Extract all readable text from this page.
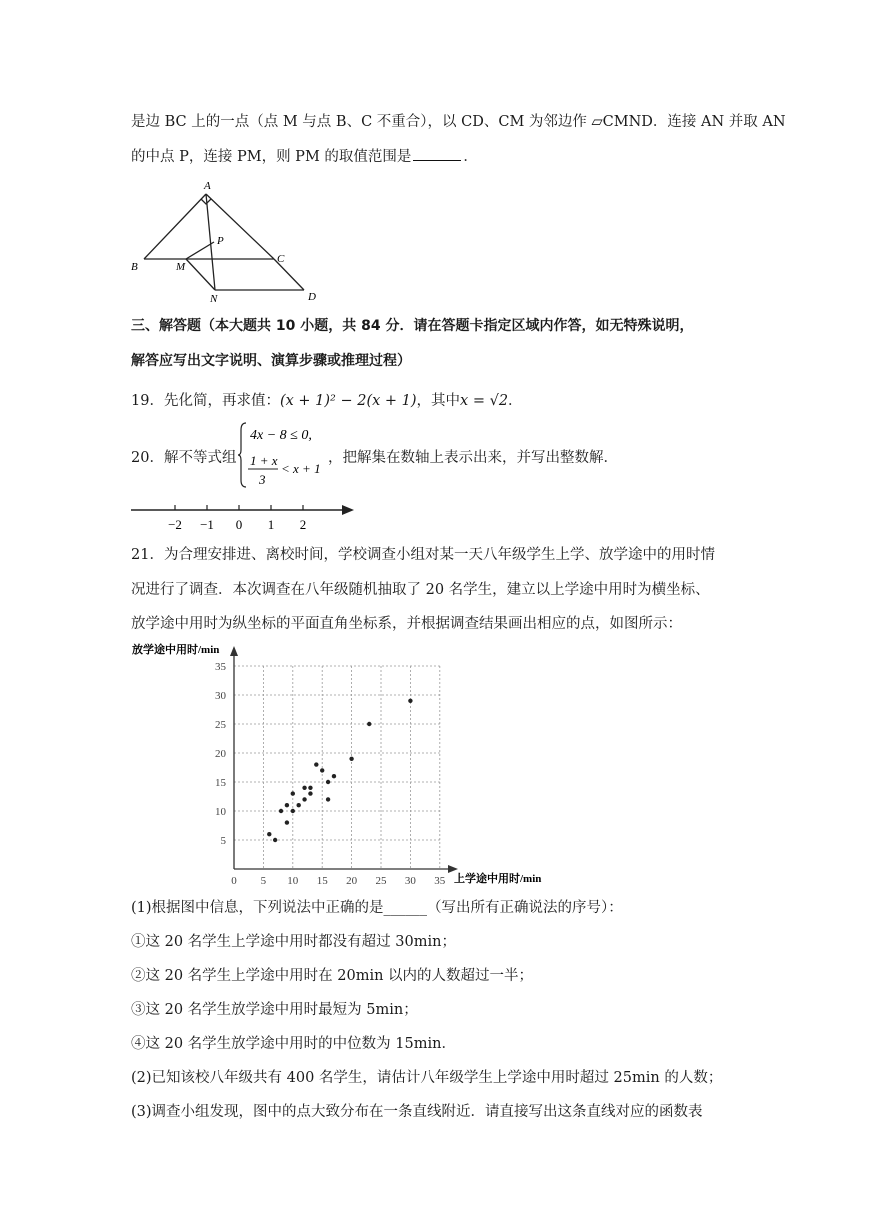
是边 BC 上的一点（点 M 与点 B、C 不重合），以 CD、CM 为邻边作 ▱CMND．连接 AN 并取 AN
的中点 P，连接 PM，则 PM 的取值范围是	．
A
B
C
D
M
N
P
三、解答题（本大题共 10 小题，共 84 分．请在答题卡指定区域内作答，如无特殊说明，
解答应写出文字说明、演算步骤或推理过程）
19．先化简，再求值：(x + 1)² − 2(x + 1)，其中x = √2．
20．解不等式组
4x − 8 ≤ 0,
1 + x
3
< x + 1
，把解集在数轴上表示出来，并写出整数解．
−2 −1 0 1 2
21．为合理安排进、离校时间，学校调查小组对某一天八年级学生上学、放学途中的用时情
况进行了调查．本次调查在八年级随机抽取了 20 名学生，建立以上学途中用时为横坐标、
放学途中用时为纵坐标的平面直角坐标系，并根据调查结果画出相应的点，如图所示：
放学途中用时/min
上学途中用时/min
0 5 10 15 20 25 30 35
5
10
15
20
25
30
35
(1)根据图中信息，下列说法中正确的是______（写出所有正确说法的序号）：
①这 20 名学生上学途中用时都没有超过 30min；
②这 20 名学生上学途中用时在 20min 以内的人数超过一半；
③这 20 名学生放学途中用时最短为 5min；
④这 20 名学生放学途中用时的中位数为 15min．
(2)已知该校八年级共有 400 名学生，请估计八年级学生上学途中用时超过 25min 的人数；
(3)调查小组发现，图中的点大致分布在一条直线附近．请直接写出这条直线对应的函数表
